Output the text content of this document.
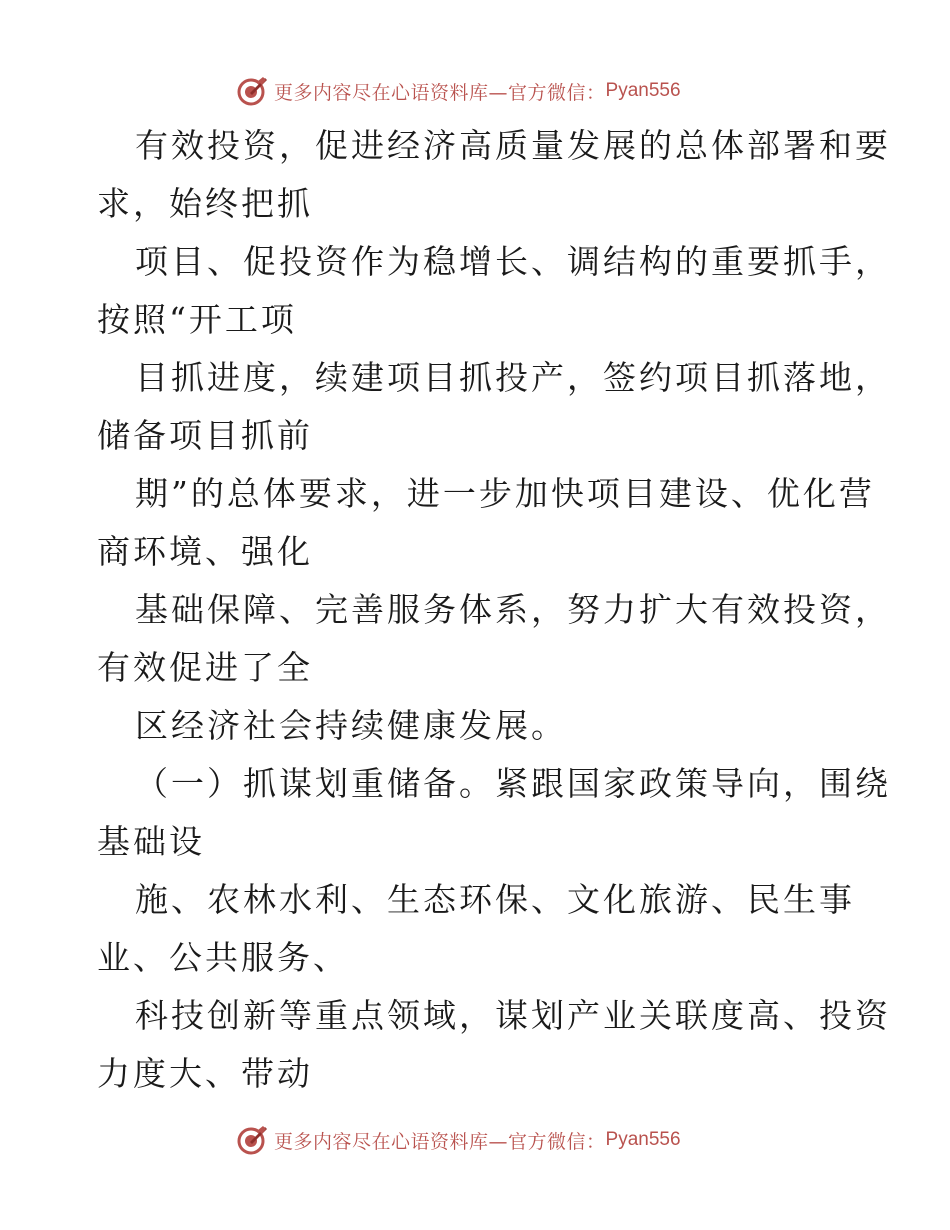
更多内容尽在心语资料库—官方微信： Pyan556
有效投资，促进经济高质量发展的总体部署和要
求，始终把抓
项目、促投资作为稳增长、调结构的重要抓手，
按照“开工项
目抓进度，续建项目抓投产，签约项目抓落地，
储备项目抓前
期”的总体要求，进一步加快项目建设、优化营
商环境、强化
基础保障、完善服务体系，努力扩大有效投资，
有效促进了全
区经济社会持续健康发展。
（一）抓谋划重储备。紧跟国家政策导向，围绕
基础设
施、农林水利、生态环保、文化旅游、民生事
业、公共服务、
科技创新等重点领域，谋划产业关联度高、投资
力度大、带动
更多内容尽在心语资料库—官方微信： Pyan556
